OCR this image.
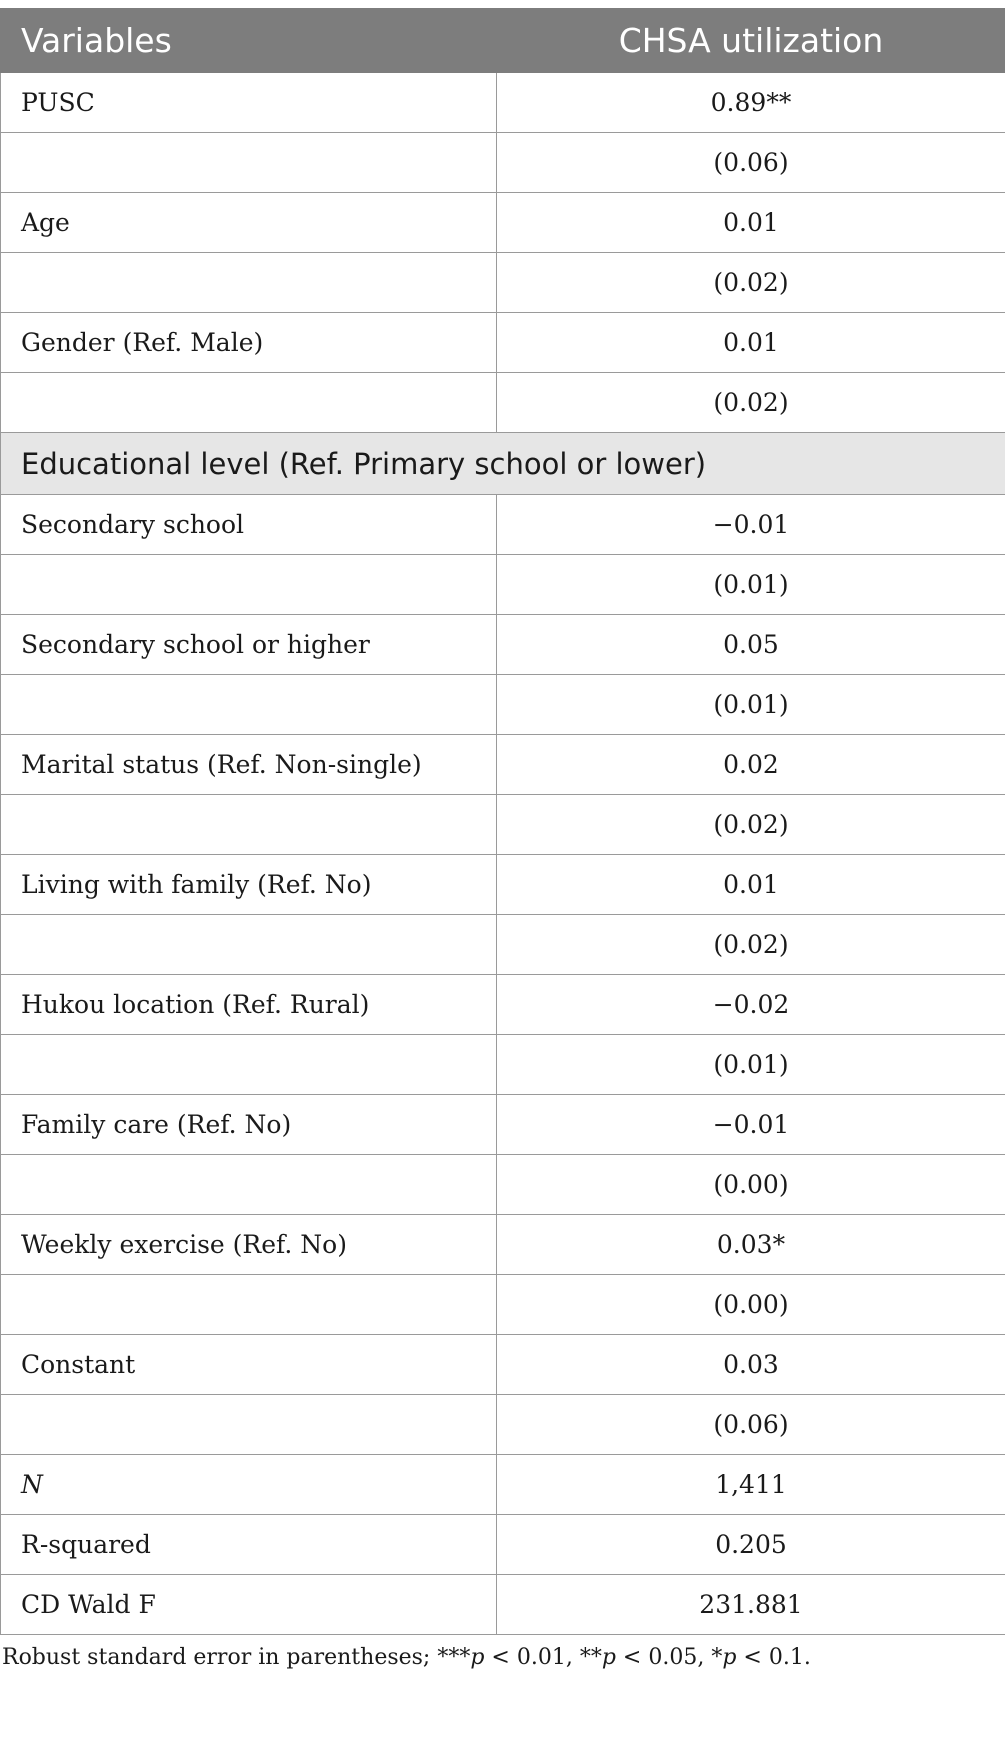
Variables	CHSA utilization
PUSC	0.89**
	(0.06)
Age	0.01
	(0.02)
Gender (Ref. Male)	0.01
	(0.02)
Educational level (Ref. Primary school or lower)	
Secondary school	−0.01
	(0.01)
Secondary school or higher	0.05
	(0.01)
Marital status (Ref. Non-single)	0.02
	(0.02)
Living with family (Ref. No)	0.01
	(0.02)
Hukou location (Ref. Rural)	−0.02
	(0.01)
Family care (Ref. No)	−0.01
	(0.00)
Weekly exercise (Ref. No)	0.03*
	(0.00)
Constant	0.03
	(0.06)
N	1,411
R-squared	0.205
CD Wald F	231.881
Robust standard error in parentheses; ***p < 0.01, **p < 0.05, *p < 0.1.
